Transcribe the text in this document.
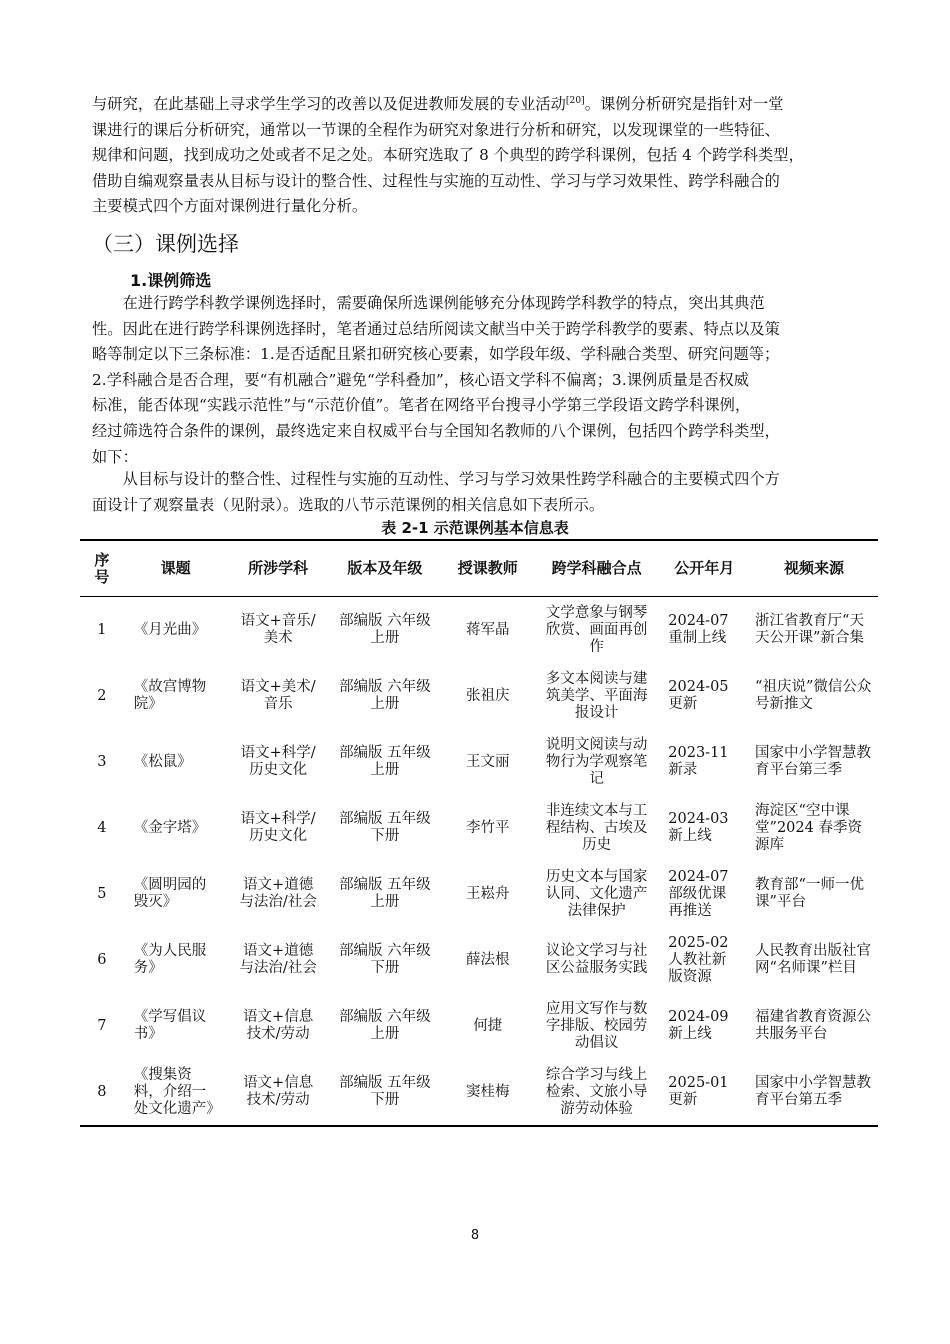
与研究，在此基础上寻求学生学习的改善以及促进教师发展的专业活动[20]。课例分析研究是指针对一堂
课进行的课后分析研究，通常以一节课的全程作为研究对象进行分析和研究，以发现课堂的一些特征、
规律和问题，找到成功之处或者不足之处。本研究选取了 8 个典型的跨学科课例，包括 4 个跨学科类型，
借助自编观察量表从目标与设计的整合性、过程性与实施的互动性、学习与学习效果性、跨学科融合的
主要模式四个方面对课例进行量化分析。
（三）课例选择
1.课例筛选
　　在进行跨学科教学课例选择时，需要确保所选课例能够充分体现跨学科教学的特点，突出其典范
性。因此在进行跨学科课例选择时，笔者通过总结所阅读文献当中关于跨学科教学的要素、特点以及策
略等制定以下三条标准：1.是否适配且紧扣研究核心要素，如学段年级、学科融合类型、研究问题等；
2.学科融合是否合理，要“有机融合”避免“学科叠加”，核心语文学科不偏离；3.课例质量是否权威
标准，能否体现“实践示范性”与“示范价值”。笔者在网络平台搜寻小学第三学段语文跨学科课例，
经过筛选符合条件的课例，最终选定来自权威平台与全国知名教师的八个课例，包括四个跨学科类型，
如下：
　　从目标与设计的整合性、过程性与实施的互动性、学习与学习效果性跨学科融合的主要模式四个方
面设计了观察量表（见附录）。选取的八节示范课例的相关信息如下表所示。

表 2-1 示范课例基本信息表

序号	课题	所涉学科	版本及年级	授课教师	跨学科融合点	公开年月	视频来源

1	《月光曲》	语文+音乐/美术	部编版 六年级上册	蒋军晶	文学意象与钢琴欣赏、画面再创作	2024-07 重制上线	浙江省教育厅“天天公开课”新合集

2	《故宫博物院》	语文+美术/音乐	部编版 六年级上册	张祖庆	多文本阅读与建筑美学、平面海报设计	2024-05 更新	“祖庆说”微信公众号新推文

3	《松鼠》	语文+科学/历史文化	部编版 五年级上册	王文丽	说明文阅读与动物行为学观察笔记	2023-11 新录	国家中小学智慧教育平台第三季

4	《金字塔》	语文+科学/历史文化	部编版 五年级下册	李竹平	非连续文本与工程结构、古埃及历史	2024-03 新上线	海淀区“空中课堂”2024 春季资源库

5	《圆明园的毁灭》	语文+道德与法治/社会	部编版 五年级上册	王崧舟	历史文本与国家认同、文化遗产法律保护	2024-07 部级优课再推送	教育部“一师一优课”平台

6	《为人民服务》	语文+道德与法治/社会	部编版 六年级下册	薛法根	议论文学习与社区公益服务实践	2025-02 人教社新版资源	人民教育出版社官网“名师课”栏目

7	《学写倡议书》	语文+信息技术/劳动	部编版 六年级上册	何捷	应用文写作与数字排版、校园劳动倡议	2024-09 新上线	福建省教育资源公共服务平台

8	《搜集资料，介绍一处文化遗产》	语文+信息技术/劳动	部编版 五年级下册	窦桂梅	综合学习与线上检索、文旅小导游劳动体验	2025-01 更新	国家中小学智慧教育平台第五季
8
